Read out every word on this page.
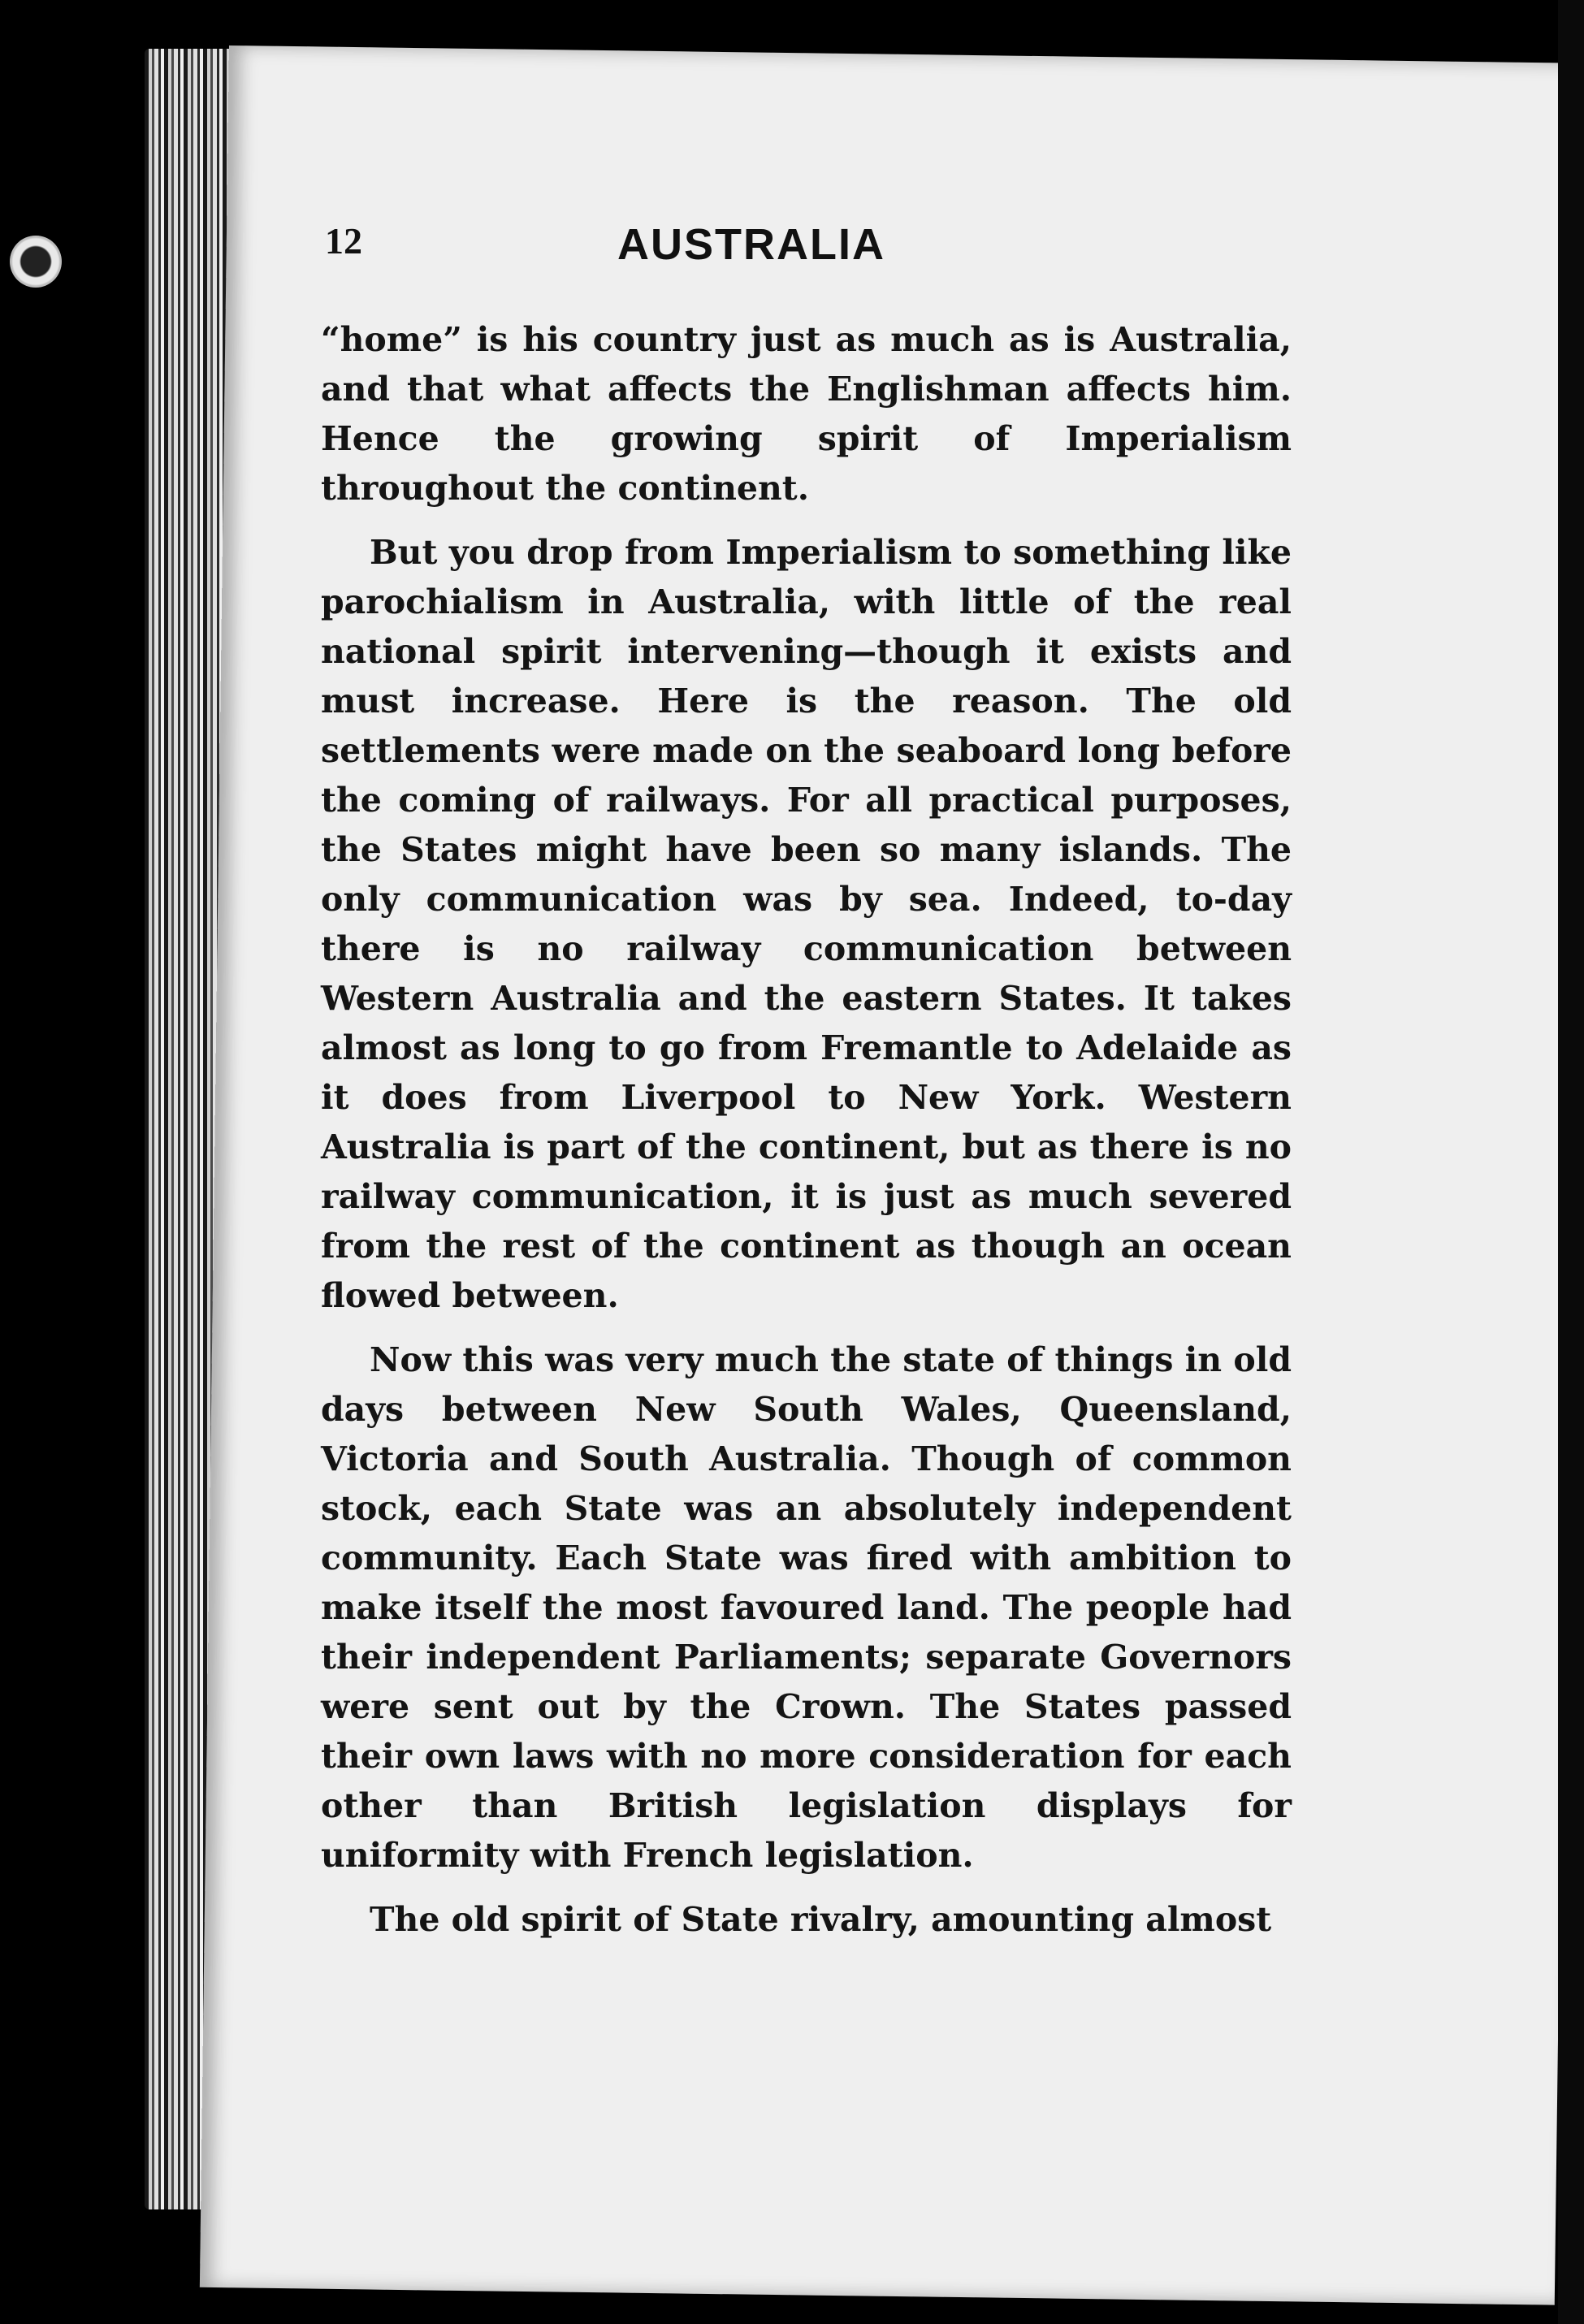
12	AUSTRALIA

“home” is his country just as much as is Australia, and that what affects the Englishman affects him. Hence the growing spirit of Imperialism throughout the continent.

But you drop from Imperialism to something like parochialism in Australia, with little of the real national spirit intervening—though it exists and must increase. Here is the reason. The old settlements were made on the seaboard long before the coming of railways. For all practical purposes, the States might have been so many islands. The only communication was by sea. Indeed, to-day there is no railway communication between Western Australia and the eastern States. It takes almost as long to go from Fremantle to Adelaide as it does from Liverpool to New York. Western Australia is part of the continent, but as there is no railway communication, it is just as much severed from the rest of the continent as though an ocean flowed between.

Now this was very much the state of things in old days between New South Wales, Queensland, Victoria and South Australia. Though of common stock, each State was an absolutely independent community. Each State was fired with ambition to make itself the most favoured land. The people had their independent Parliaments; separate Governors were sent out by the Crown. The States passed their own laws with no more consideration for each other than British legislation displays for uniformity with French legislation.

The old spirit of State rivalry, amounting almost
